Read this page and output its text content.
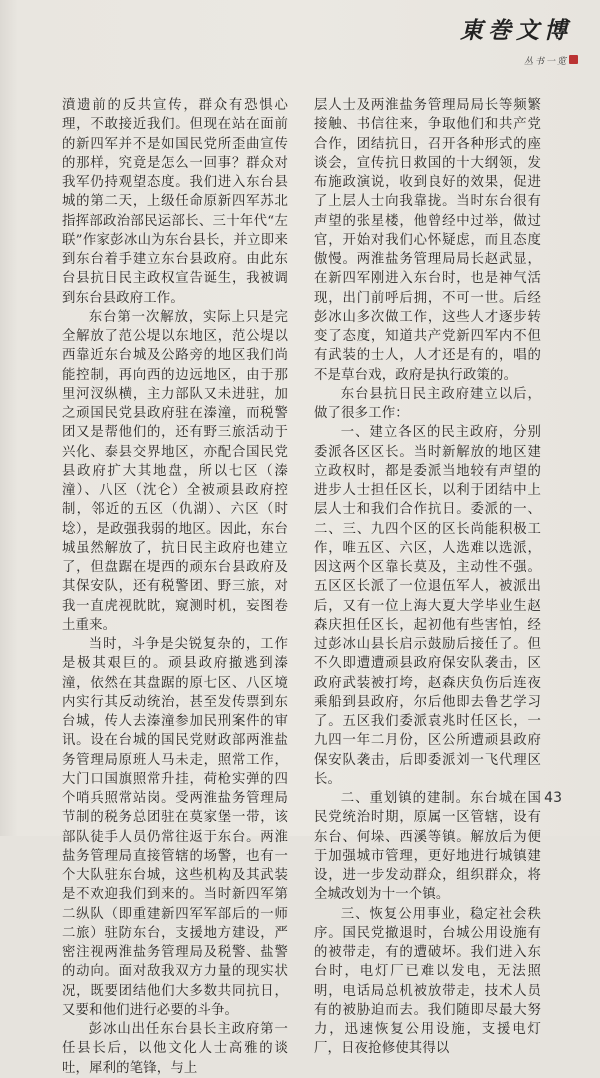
東巻文博
丛书一览

濆遗前的反共宣传，群众有恐惧心理，不敢接近我们。但现在站在面前的新四军并不是如国民党所歪曲宣传的那样，究竟是怎么一回事？群众对我军仍持观望态度。我们进入东台县城的第二天，上级任命原新四军苏北指挥部政治部民运部长、三十年代“左联”作家彭冰山为东台县长，并立即来到东台着手建立东台县政府。由此东台县抗日民主政权宣告诞生，我被调到东台县政府工作。

东台第一次解放，实际上只是完全解放了范公堤以东地区，范公堤以西靠近东台城及公路旁的地区我们尚能控制，再向西的边远地区，由于那里河汊纵横，主力部队又未进驻，加之顽国民党县政府驻在溱潼，而税警团又是帮他们的，还有野三旅活动于兴化、泰县交界地区，亦配合国民党县政府扩大其地盘，所以七区（溱潼）、八区（沈仑）全被顽县政府控制，邻近的五区（仇湖）、六区（时埝），是政强我弱的地区。因此，东台城虽然解放了，抗日民主政府也建立了，但盘踞在堤西的顽东台县政府及其保安队，还有税警团、野三旅，对我一直虎视眈眈，窥测时机，妄图卷土重来。

当时，斗争是尖锐复杂的，工作是极其艰巨的。顽县政府撤逃到溱潼，依然在其盘踞的原七区、八区境内实行其反动统治，甚至发传票到东台城，传人去溱潼参加民刑案件的审讯。设在台城的国民党财政部两淮盐务管理局原班人马未走，照常工作，大门口国旗照常升挂，荷枪实弹的四个哨兵照常站岗。受两淮盐务管理局节制的税务总团驻在莫家堡一带，该部队徒手人员仍常往返于东台。两淮盐务管理局直接管辖的场警，也有一个大队驻东台城，这些机构及其武装是不欢迎我们到来的。当时新四军第二纵队（即重建新四军军部后的一师二旅）驻防东台，支援地方建设，严密注视两淮盐务管理局及税警、盐警的动向。面对敌我双方力量的现实状况，既要团结他们大多数共同抗日，又要和他们进行必要的斗争。

彭冰山出任东台县长主政府第一任县长后，以他文化人士高雅的谈吐，犀利的笔锋，与上

层人士及两淮盐务管理局局长等频繁接触、书信往来，争取他们和共产党合作，团结抗日，召开各种形式的座谈会，宣传抗日救国的十大纲领，发布施政演说，收到良好的效果，促进了上层人士向我靠拢。当时东台很有声望的张星楼，他曾经中过举，做过官，开始对我们心怀疑虑，而且态度傲慢。两淮盐务管理局局长赵武显，在新四军刚进入东台时，也是神气活现，出门前呼后拥，不可一世。后经彭冰山多次做工作，这些人才逐步转变了态度，知道共产党新四军内不但有武装的士人，人才还是有的，唱的不是草台戏，政府是执行政策的。

东台县抗日民主政府建立以后，做了很多工作：

一、建立各区的民主政府，分别委派各区区长。当时新解放的地区建立政权时，都是委派当地较有声望的进步人士担任区长，以利于团结中上层人士和我们合作抗日。委派的一、二、三、九四个区的区长尚能积极工作，唯五区、六区，人选难以选派，因这两个区靠长莫及，主动性不强。五区区长派了一位退伍军人，被派出后，又有一位上海大夏大学毕业生赵森庆担任区长，起初他有些害怕，经过彭冰山县长启示鼓励后接任了。但不久即遭遭顽县政府保安队袭击，区政府武装被打垮，赵森庆负伤后连夜乘船到县政府，尔后他即去鲁艺学习了。五区我们委派袁兆时任区长，一九四一年二月份，区公所遭顽县政府保安队袭击，后即委派刘一飞代理区长。

二、重划镇的建制。东台城在国民党统治时期，原属一区管辖，设有东台、何垛、西溪等镇。解放后为便于加强城市管理，更好地进行城镇建设，进一步发动群众，组织群众，将全城改划为十一个镇。

三、恢复公用事业，稳定社会秩序。国民党撤退时，台城公用设施有的被带走，有的遭破坏。我们进入东台时，电灯厂已难以发电，无法照明，电话局总机被放带走，技术人员有的被胁迫而去。我们随即尽最大努力，迅速恢复公用设施，支援电灯厂，日夜抢修使其得以

43
